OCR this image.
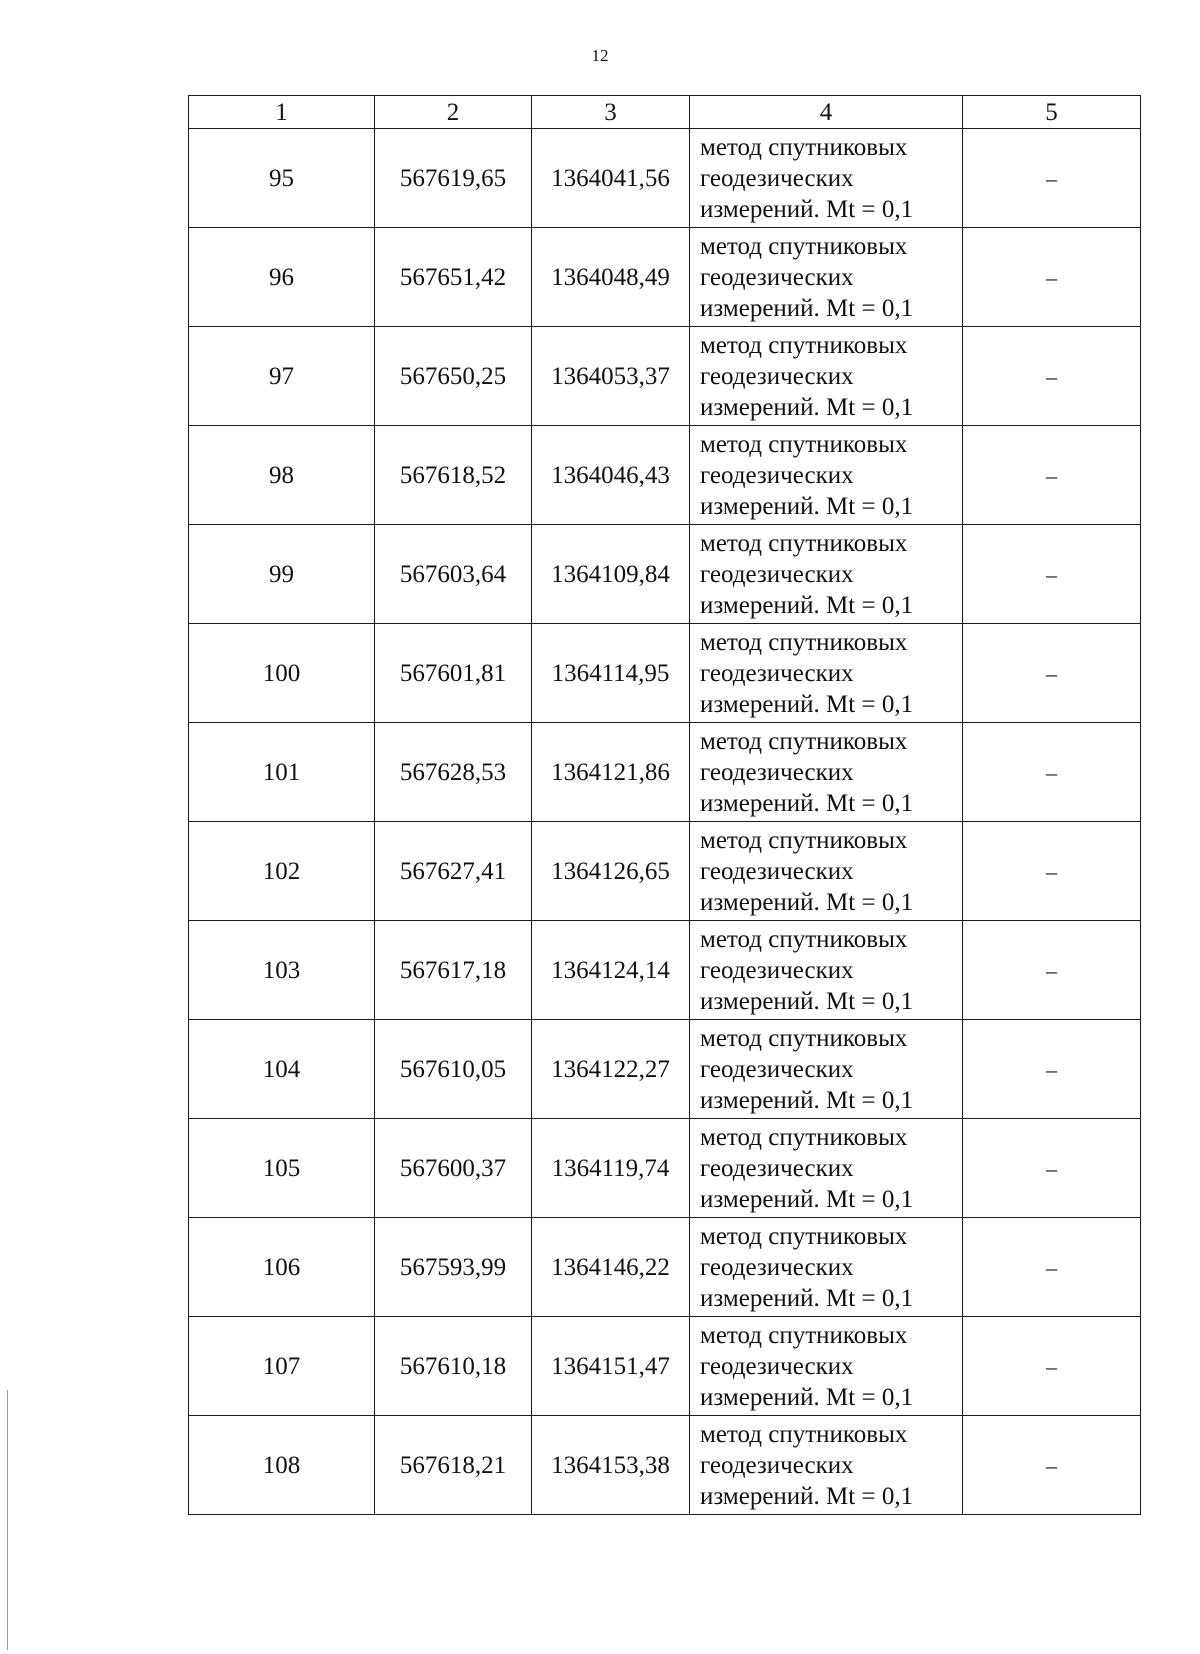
12
1	2	3	4	5
95	567619,65	1364041,56	метод спутниковых
геодезических
измерений. Mt = 0,1	–
96	567651,42	1364048,49	метод спутниковых
геодезических
измерений. Mt = 0,1	–
97	567650,25	1364053,37	метод спутниковых
геодезических
измерений. Mt = 0,1	–
98	567618,52	1364046,43	метод спутниковых
геодезических
измерений. Mt = 0,1	–
99	567603,64	1364109,84	метод спутниковых
геодезических
измерений. Mt = 0,1	–
100	567601,81	1364114,95	метод спутниковых
геодезических
измерений. Mt = 0,1	–
101	567628,53	1364121,86	метод спутниковых
геодезических
измерений. Mt = 0,1	–
102	567627,41	1364126,65	метод спутниковых
геодезических
измерений. Mt = 0,1	–
103	567617,18	1364124,14	метод спутниковых
геодезических
измерений. Mt = 0,1	–
104	567610,05	1364122,27	метод спутниковых
геодезических
измерений. Mt = 0,1	–
105	567600,37	1364119,74	метод спутниковых
геодезических
измерений. Mt = 0,1	–
106	567593,99	1364146,22	метод спутниковых
геодезических
измерений. Mt = 0,1	–
107	567610,18	1364151,47	метод спутниковых
геодезических
измерений. Mt = 0,1	–
108	567618,21	1364153,38	метод спутниковых
геодезических
измерений. Mt = 0,1	–
